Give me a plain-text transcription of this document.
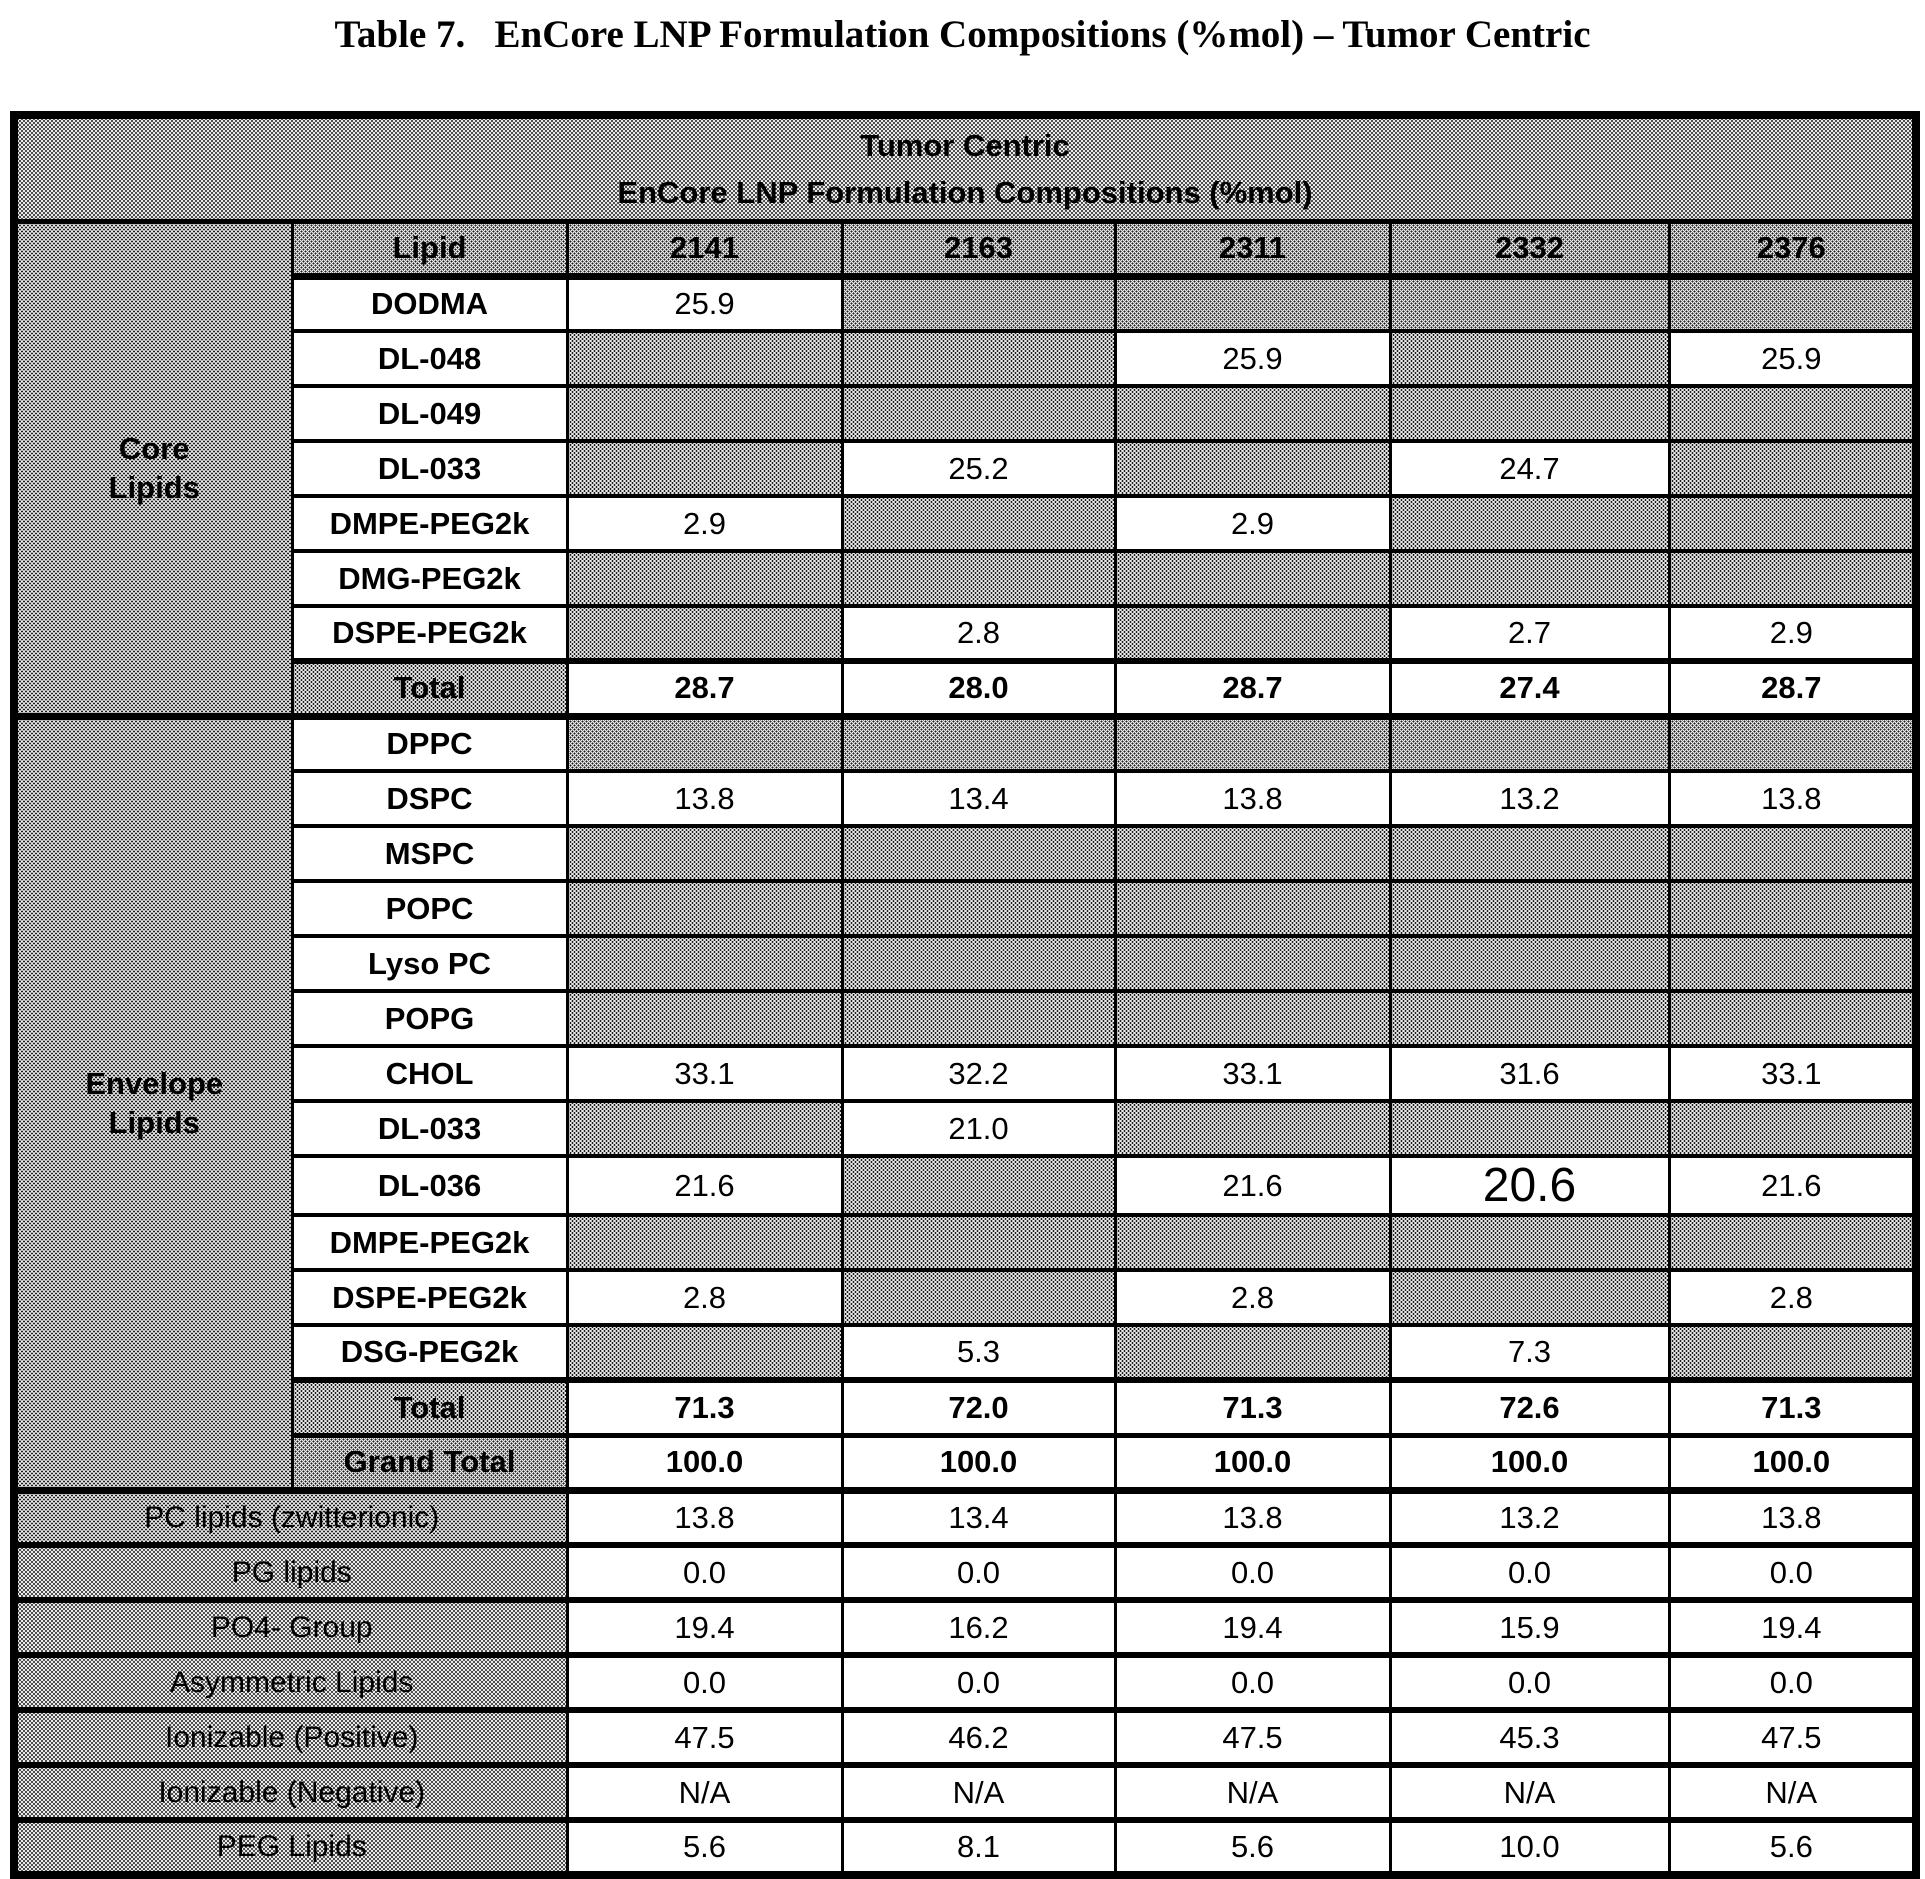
Table 7.   EnCore LNP Formulation Compositions (%mol) – Tumor Centric
Tumor Centric
EnCore LNP Formulation Compositions (%mol)						

Core Lipids	Lipid	2141	2163	2311	2332	2376
	DODMA	25.9				
	DL-048			25.9		25.9
	DL-049					
	DL-033		25.2		24.7	
	DMPE-PEG2k	2.9		2.9		
	DMG-PEG2k					
	DSPE-PEG2k		2.8		2.7	2.9
	Total	28.7	28.0	28.7	27.4	28.7

Envelope Lipids	DPPC					
	DSPC	13.8	13.4	13.8	13.2	13.8
	MSPC					
	POPC					
	Lyso PC					
	POPG					
	CHOL	33.1	32.2	33.1	31.6	33.1
	DL-033		21.0			
	DL-036	21.6		21.6	20.6	21.6
	DMPE-PEG2k					
	DSPE-PEG2k	2.8		2.8		2.8
	DSG-PEG2k		5.3		7.3	
	Total	71.3	72.0	71.3	72.6	71.3
	Grand Total	100.0	100.0	100.0	100.0	100.0
PC lipids (zwitterionic)		13.8	13.4	13.8	13.2	13.8
PG lipids		0.0	0.0	0.0	0.0	0.0
PO4- Group		19.4	16.2	19.4	15.9	19.4
Asymmetric Lipids		0.0	0.0	0.0	0.0	0.0
Ionizable (Positive)		47.5	46.2	47.5	45.3	47.5
Ionizable (Negative)		N/A	N/A	N/A	N/A	N/A
PEG Lipids		5.6	8.1	5.6	10.0	5.6
